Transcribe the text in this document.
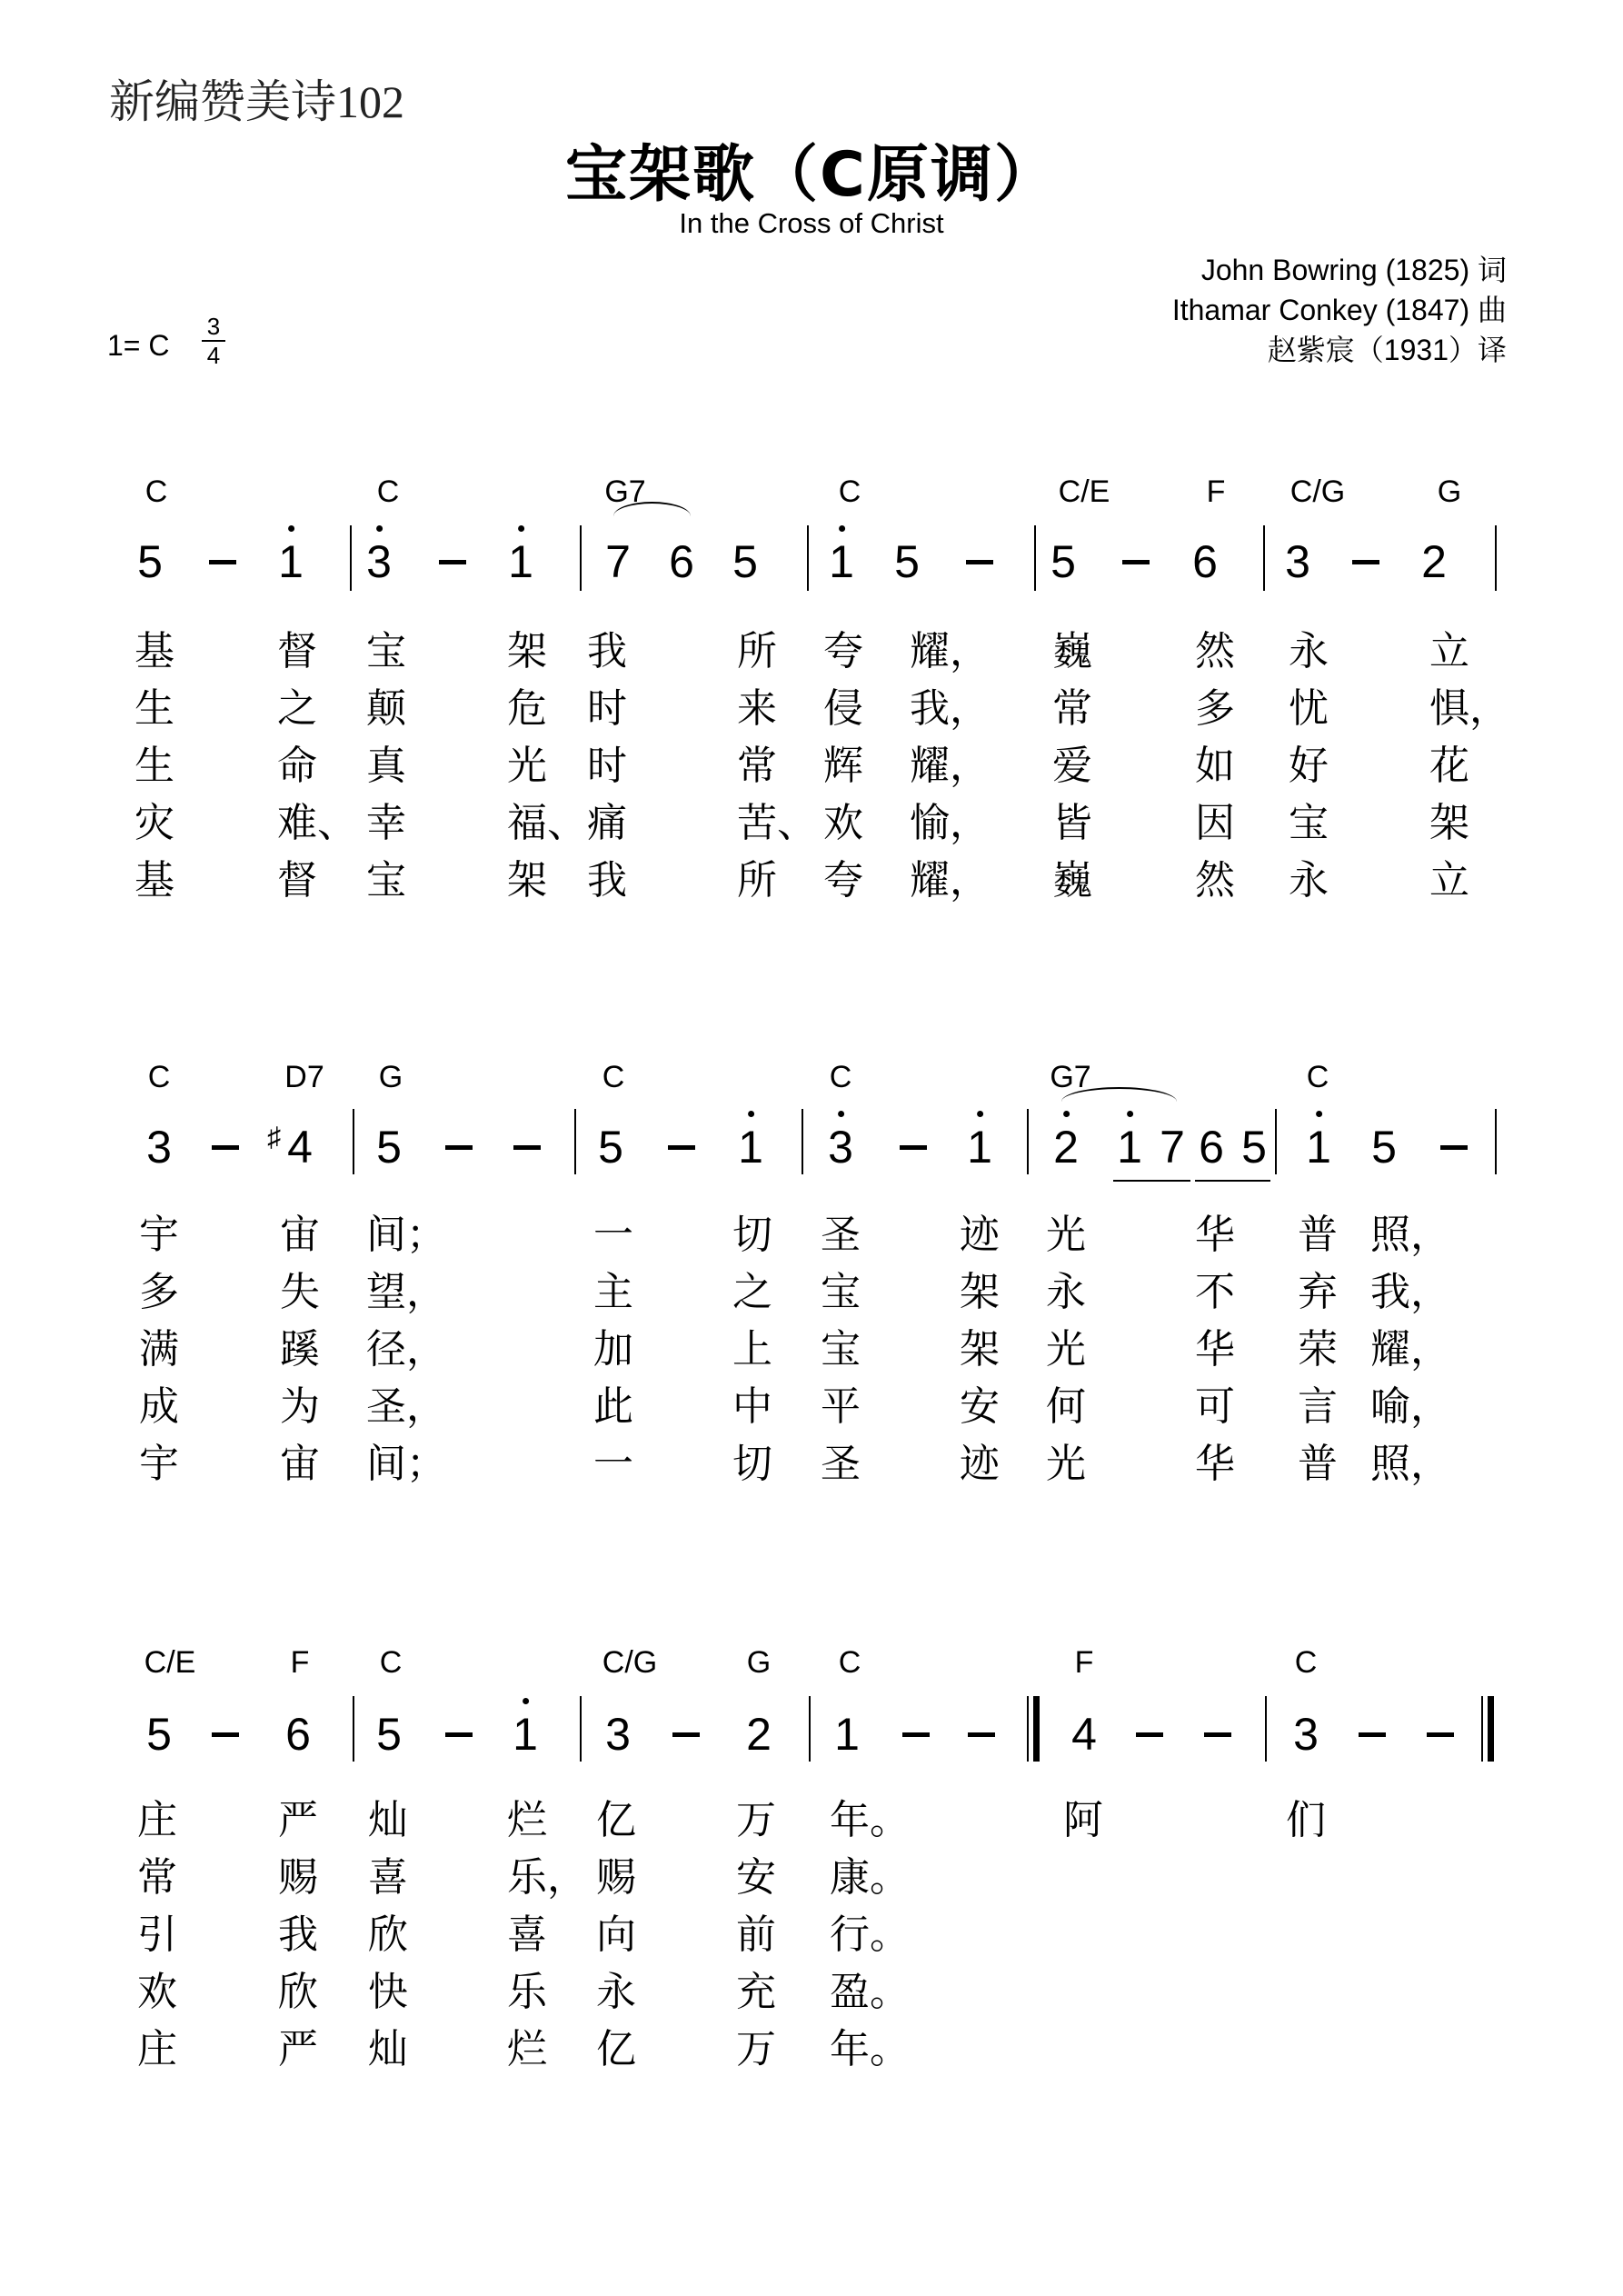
新编赞美诗102
宝架歌（C原调）
In the Cross of Christ
John Bowring (1825) 词
Ithamar Conkey (1847) 曲
赵紫宸（1931）译
1= C
3
4
C	C	G7	C	C/E	F C/G	G
5	1 3	1 7 6 5 1 5	5	6 3 2
基	督 宝	架 我	所 夸 耀， 巍	然 永	立
生	之 颠	危 时	来 侵 我， 常	多 忧	惧，
生	命 真	光 时	常 辉 耀， 爱	如 好	花
灾	难、 幸	福、 痛	苦、 欢 愉， 皆	因 宝	架
基	督 宝	架 我	所 夸 耀， 巍	然 永	立
C	D7 G	C	C	G7	C
3	4
♯ 5	5	1 3	1 2 1 7 6 5 1 5
宇	宙 间；	一 切 圣 迹 光	华 普 照，
多	失 望，	主 之 宝 架 永	不 弃 我，
满	蹊 径，	加 上 宝 架 光	华 荣 耀，
成	为 圣，	此 中 平 安 何	可 言 喻，
宇	宙 间；	一 切 圣 迹 光	华 普 照，
C/E	F C	C/G	G C	F	C
5	6 5 1 3	2 1	4	3
庄	严 灿 烂 亿	万 年。
常	赐 喜 乐， 赐	安 康。
引	我 欣 喜 向	前 行。
欢	欣 快 乐 永	充 盈。
庄	严 灿 烂 亿	万 年。
阿	们
